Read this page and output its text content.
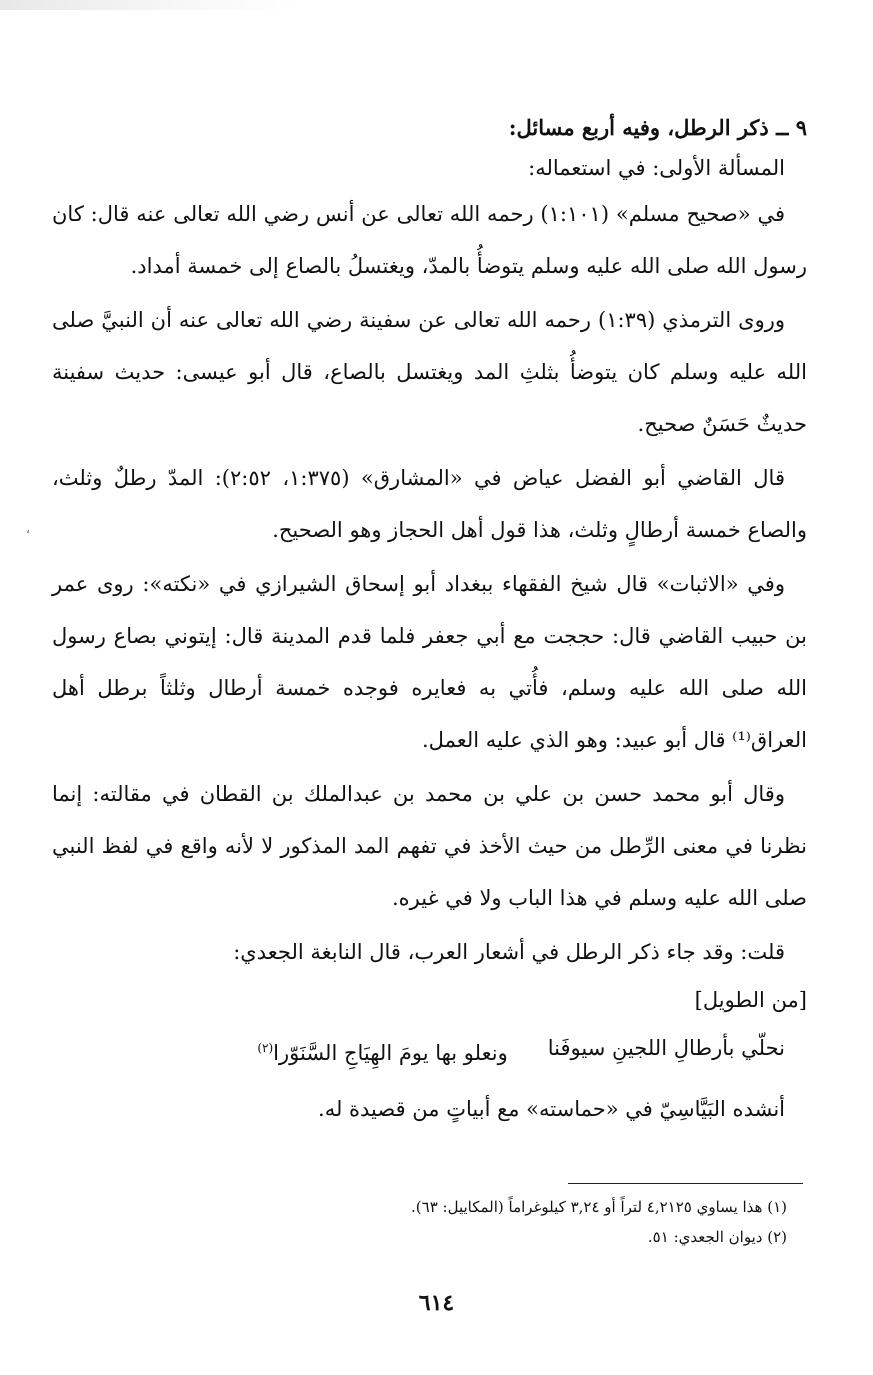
،

٩ ــ ذكر الرطل، وفيه أربع مسائل:

المسألة الأولى: في استعماله:

في «صحيح مسلم» (١:١٠١) رحمه الله تعالى عن أنس رضي الله تعالى عنه قال: كان رسول الله صلى الله عليه وسلم يتوضأُ بالمدّ، ويغتسلُ بالصاع إلى خمسة أمداد.

وروى الترمذي (١:٣٩) رحمه الله تعالى عن سفينة رضي الله تعالى عنه أن النبيَّ صلى الله عليه وسلم كان يتوضأُ بثلثِ المد ويغتسل بالصاع، قال أبو عيسى: حديث سفينة حديثٌ حَسَنٌ صحيح.

قال القاضي أبو الفضل عياض في «المشارق» (١:٣٧٥، ٢:٥٢): المدّ رطلٌ وثلث، والصاع خمسة أرطالٍ وثلث، هذا قول أهل الحجاز وهو الصحيح.

وفي «الاثبات» قال شيخ الفقهاء ببغداد أبو إسحاق الشيرازي في «نكته»: روى عمر بن حبيب القاضي قال: حججت مع أبي جعفر فلما قدم المدينة قال: إيتوني بصاع رسول الله صلى الله عليه وسلم، فأُتي به فعايره فوجده خمسة أرطال وثلثاً برطل أهل العراق⁽¹⁾ قال أبو عبيد: وهو الذي عليه العمل.

وقال أبو محمد حسن بن علي بن محمد بن عبدالملك بن القطان في مقالته: إنما نظرنا في معنى الرِّطل من حيث الأخذ في تفهم المد المذكور لا لأنه واقع في لفظ النبي صلى الله عليه وسلم في هذا الباب ولا في غيره.

قلت: وقد جاء ذكر الرطل في أشعار العرب، قال النابغة الجعدي:

[من الطويل]

نحلّي بأرطالِ اللجينِ سيوفَنا
ونعلو بها يومَ الهِيَاجِ السَّنَوّرا$^{(٢)}$

أنشده البَيَّاسِيّ في «حماسته» مع أبياتٍ من قصيدة له.

(١) هذا يساوي ٤,٢١٢٥ لتراً أو ٣,٢٤ كيلوغراماً (المكاييل: ٦٣).
(٢) ديوان الجعدي: ٥١.
٦١٤
